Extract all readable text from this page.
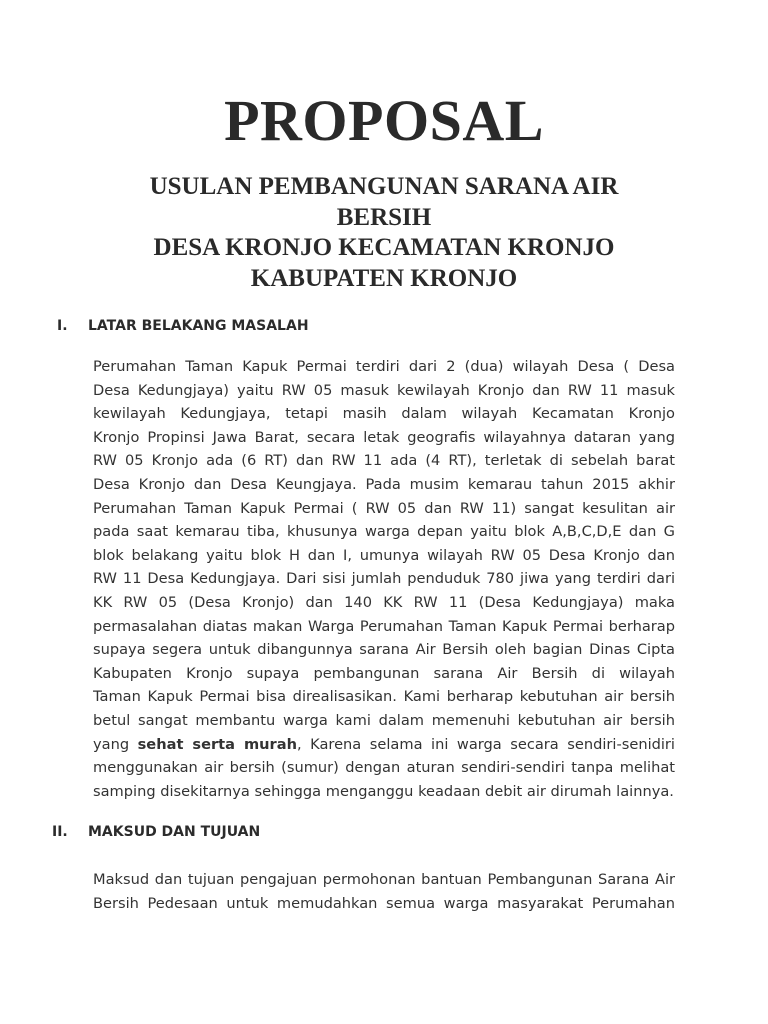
PROPOSAL
USULAN PEMBANGUNAN SARANA AIR
BERSIH
DESA KRONJO KECAMATAN KRONJO
KABUPATEN KRONJO
I. LATAR BELAKANG MASALAH
Perumahan Taman Kapuk Permai terdiri dari 2 (dua) wilayah Desa ( Desa
Desa Kedungjaya) yaitu RW 05 masuk kewilayah Kronjo dan RW 11 masuk
kewilayah Kedungjaya, tetapi masih dalam wilayah Kecamatan Kronjo
Kronjo Propinsi Jawa Barat, secara letak geografis wilayahnya dataran yang
RW 05 Kronjo ada (6 RT) dan RW 11 ada (4 RT), terletak di sebelah barat
Desa Kronjo dan Desa Keungjaya. Pada musim kemarau tahun 2015 akhir
Perumahan Taman Kapuk Permai ( RW 05 dan RW 11) sangat kesulitan air
pada saat kemarau tiba, khusunya warga depan yaitu blok A,B,C,D,E dan G
blok belakang yaitu blok H dan I, umunya wilayah RW 05 Desa Kronjo dan
RW 11 Desa Kedungjaya. Dari sisi jumlah penduduk 780 jiwa yang terdiri dari
KK RW 05 (Desa Kronjo) dan 140 KK RW 11 (Desa Kedungjaya) maka
permasalahan diatas makan Warga Perumahan Taman Kapuk Permai berharap
supaya segera untuk dibangunnya sarana Air Bersih oleh bagian Dinas Cipta
Kabupaten Kronjo supaya pembangunan sarana Air Bersih di wilayah
Taman Kapuk Permai bisa direalisasikan. Kami berharap kebutuhan air bersih
betul sangat membantu warga kami dalam memenuhi kebutuhan air bersih
yang sehat serta murah, Karena selama ini warga secara sendiri-senidiri
menggunakan air bersih (sumur) dengan aturan sendiri-sendiri tanpa melihat
samping disekitarnya sehingga menganggu keadaan debit air dirumah lainnya.
II. MAKSUD DAN TUJUAN
Maksud dan tujuan pengajuan permohonan bantuan Pembangunan Sarana Air
Bersih Pedesaan untuk memudahkan semua warga masyarakat Perumahan
